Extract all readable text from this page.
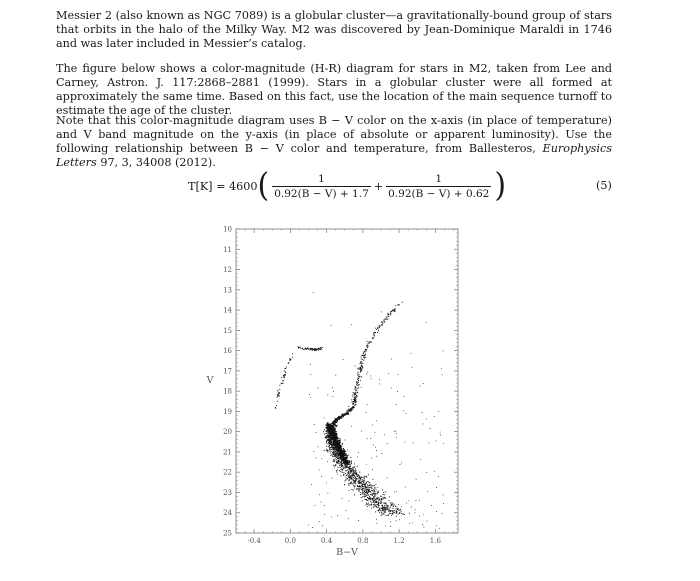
Messier 2 (also known as NGC 7089) is a globular cluster—a gravitationally-bound group of stars that orbits in the halo of the Milky Way. M2 was discovered by Jean-Dominique Maraldi in 1746 and was later included in Messier’s catalog.
The figure below shows a color-magnitude (H-R) diagram for stars in M2, taken from Lee and Carney, Astron. J. 117:2868–2881 (1999). Stars in a globular cluster were all formed at approximately the same time. Based on this fact, use the location of the main sequence turnoff to estimate the age of the cluster.
Note that this color-magnitude diagram uses B − V color on the x-axis (in place of temperature) and V band magnitude on the y-axis (in place of absolute or apparent luminosity). Use the following relationship between B − V color and temperature, from Ballesteros, Europhysics Letters 97, 3, 34008 (2012).
T[K] = 4600 ( $\frac{1}{0.92(B - V) + 1.7} + \frac{1}{0.92(B - V) + 0.62}$ )	(5)
10
11
12
13
14
15
16
17
18
19
20
21
22
23
24
25
-0.4	0.0	0.4	0.8	1.2	1.6
B−V
V
